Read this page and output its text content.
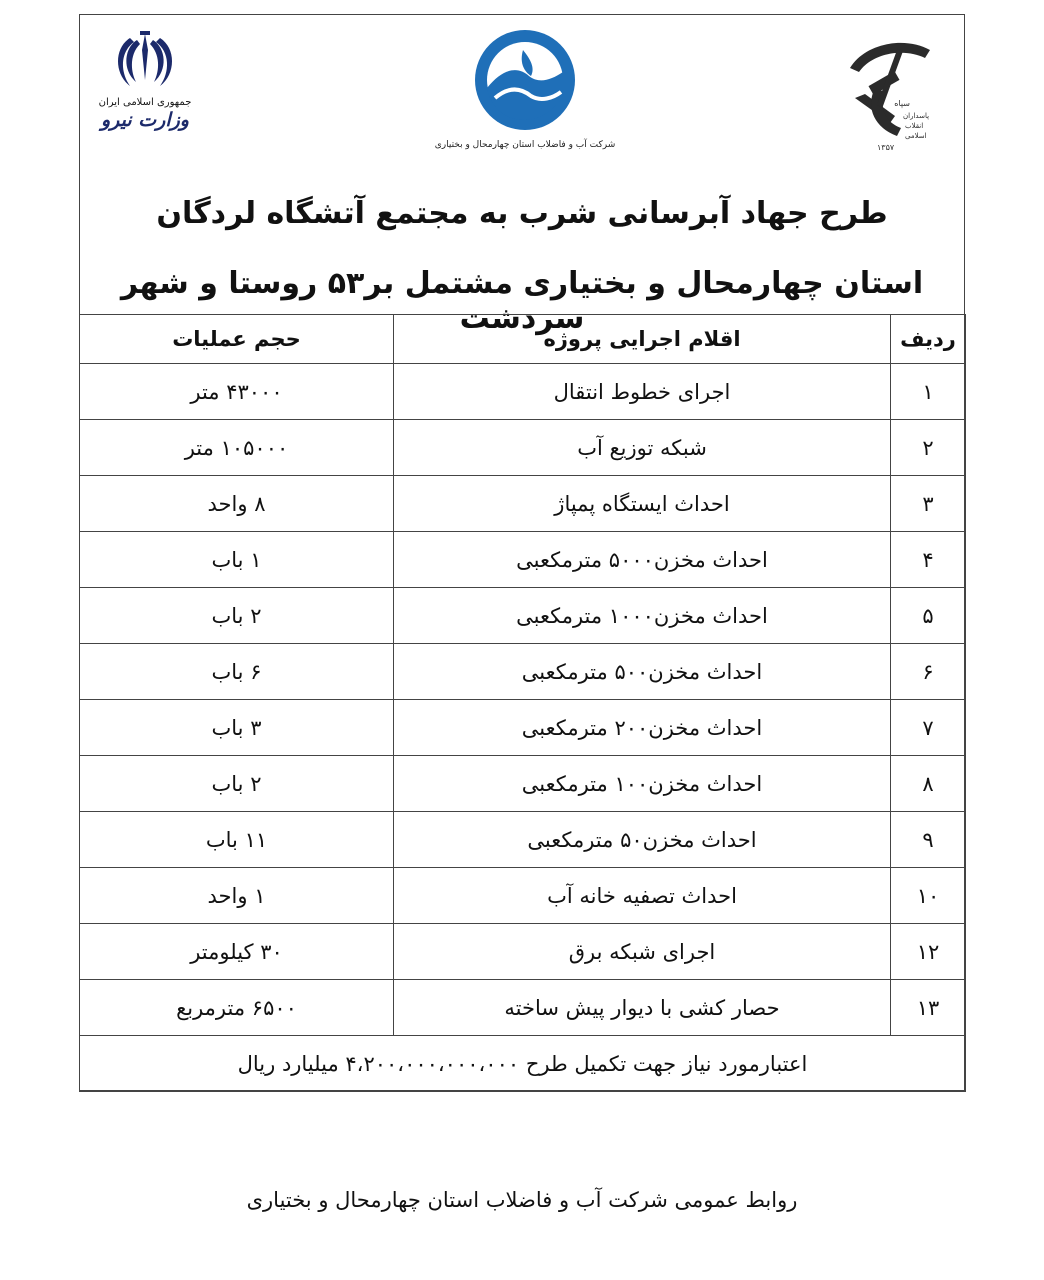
جمهوری اسلامی ایران
وزارت نیرو
شرکت آب و فاضلاب استان چهارمحال و بختیاری
سپاه
پاسداران
انقلاب
اسلامی
۱۳۵۷
طرح جهاد آبرسانی شرب به مجتمع آتشگاه لردگان
استان چهارمحال و بختیاری مشتمل بر۵۳ روستا و شهر سردشت
ردیف	اقلام اجرایی پروژه	حجم عملیات
۱	اجرای خطوط انتقال	۴۳۰۰۰ متر
۲	شبکه توزیع آب	۱۰۵۰۰۰ متر
۳	احداث ایستگاه پمپاژ	۸ واحد
۴	احداث مخزن۵۰۰۰ مترمکعبی	۱ باب
۵	احداث مخزن۱۰۰۰ مترمکعبی	۲ باب
۶	احداث مخزن۵۰۰ مترمکعبی	۶ باب
۷	احداث مخزن۲۰۰ مترمکعبی	۳ باب
۸	احداث مخزن۱۰۰ مترمکعبی	۲ باب
۹	احداث مخزن۵۰ مترمکعبی	۱۱ باب
۱۰	احداث تصفیه خانه آب	۱ واحد
۱۲	اجرای شبکه برق	۳۰ کیلومتر
۱۳	حصار کشی با دیوار پیش ساخته	۶۵۰۰ مترمربع
اعتبارمورد نیاز جهت تکمیل طرح ۴،۲۰۰،۰۰۰،۰۰۰،۰۰۰ میلیارد ریال		
روابط عمومی شرکت آب و فاضلاب استان چهارمحال و بختیاری
